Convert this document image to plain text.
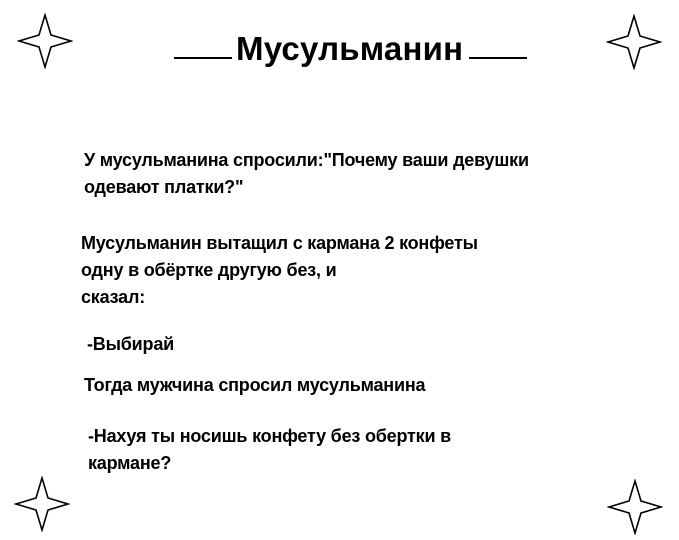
Мусульманин
У мусульманина спросили:"Почему ваши девушки
одевают платки?"
Мусульманин вытащил с кармана 2 конфеты
одну в обёртке другую без, и
сказал:
-Выбирай
Тогда мужчина спросил мусульманина
-Нахуя ты носишь конфету без обертки в
кармане?
